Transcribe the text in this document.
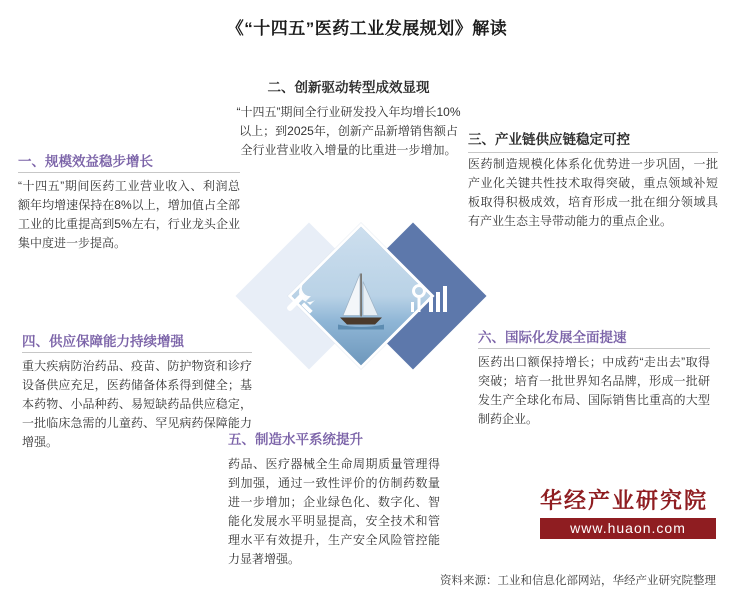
《“十四五”医药工业发展规划》解读
一、规模效益稳步增长
“十四五”期间医药工业营业收入、利润总额年均增速保持在8%以上，增加值占全部工业的比重提高到5%左右，行业龙头企业集中度进一步提高。
二、创新驱动转型成效显现
“十四五”期间全行业研发投入年均增长10%以上；到2025年，创新产品新增销售额占全行业营业收入增量的比重进一步增加。
三、产业链供应链稳定可控
医药制造规模化体系化优势进一步巩固，一批产业化关键共性技术取得突破，重点领域补短板取得积极成效，培育形成一批在细分领域具有产业生态主导带动能力的重点企业。
四、供应保障能力持续增强
重大疾病防治药品、疫苗、防护物资和诊疗设备供应充足，医药储备体系得到健全；基本药物、小品种药、易短缺药品供应稳定，一批临床急需的儿童药、罕见病药保障能力增强。	五、制造水平系统提升
药品、医疗器械全生命周期质量管理得到加强，通过一致性评价的仿制药数量进一步增加；企业绿色化、数字化、智能化发展水平明显提高，安全技术和管理水平有效提升，生产安全风险管控能力显著增强。
六、国际化发展全面提速
医药出口额保持增长；中成药“走出去”取得突破；培育一批世界知名品牌，形成一批研发生产全球化布局、国际销售比重高的大型制药企业。
华经产业研究院
www.huaon.com
资料来源：工业和信息化部网站，华经产业研究院整理
